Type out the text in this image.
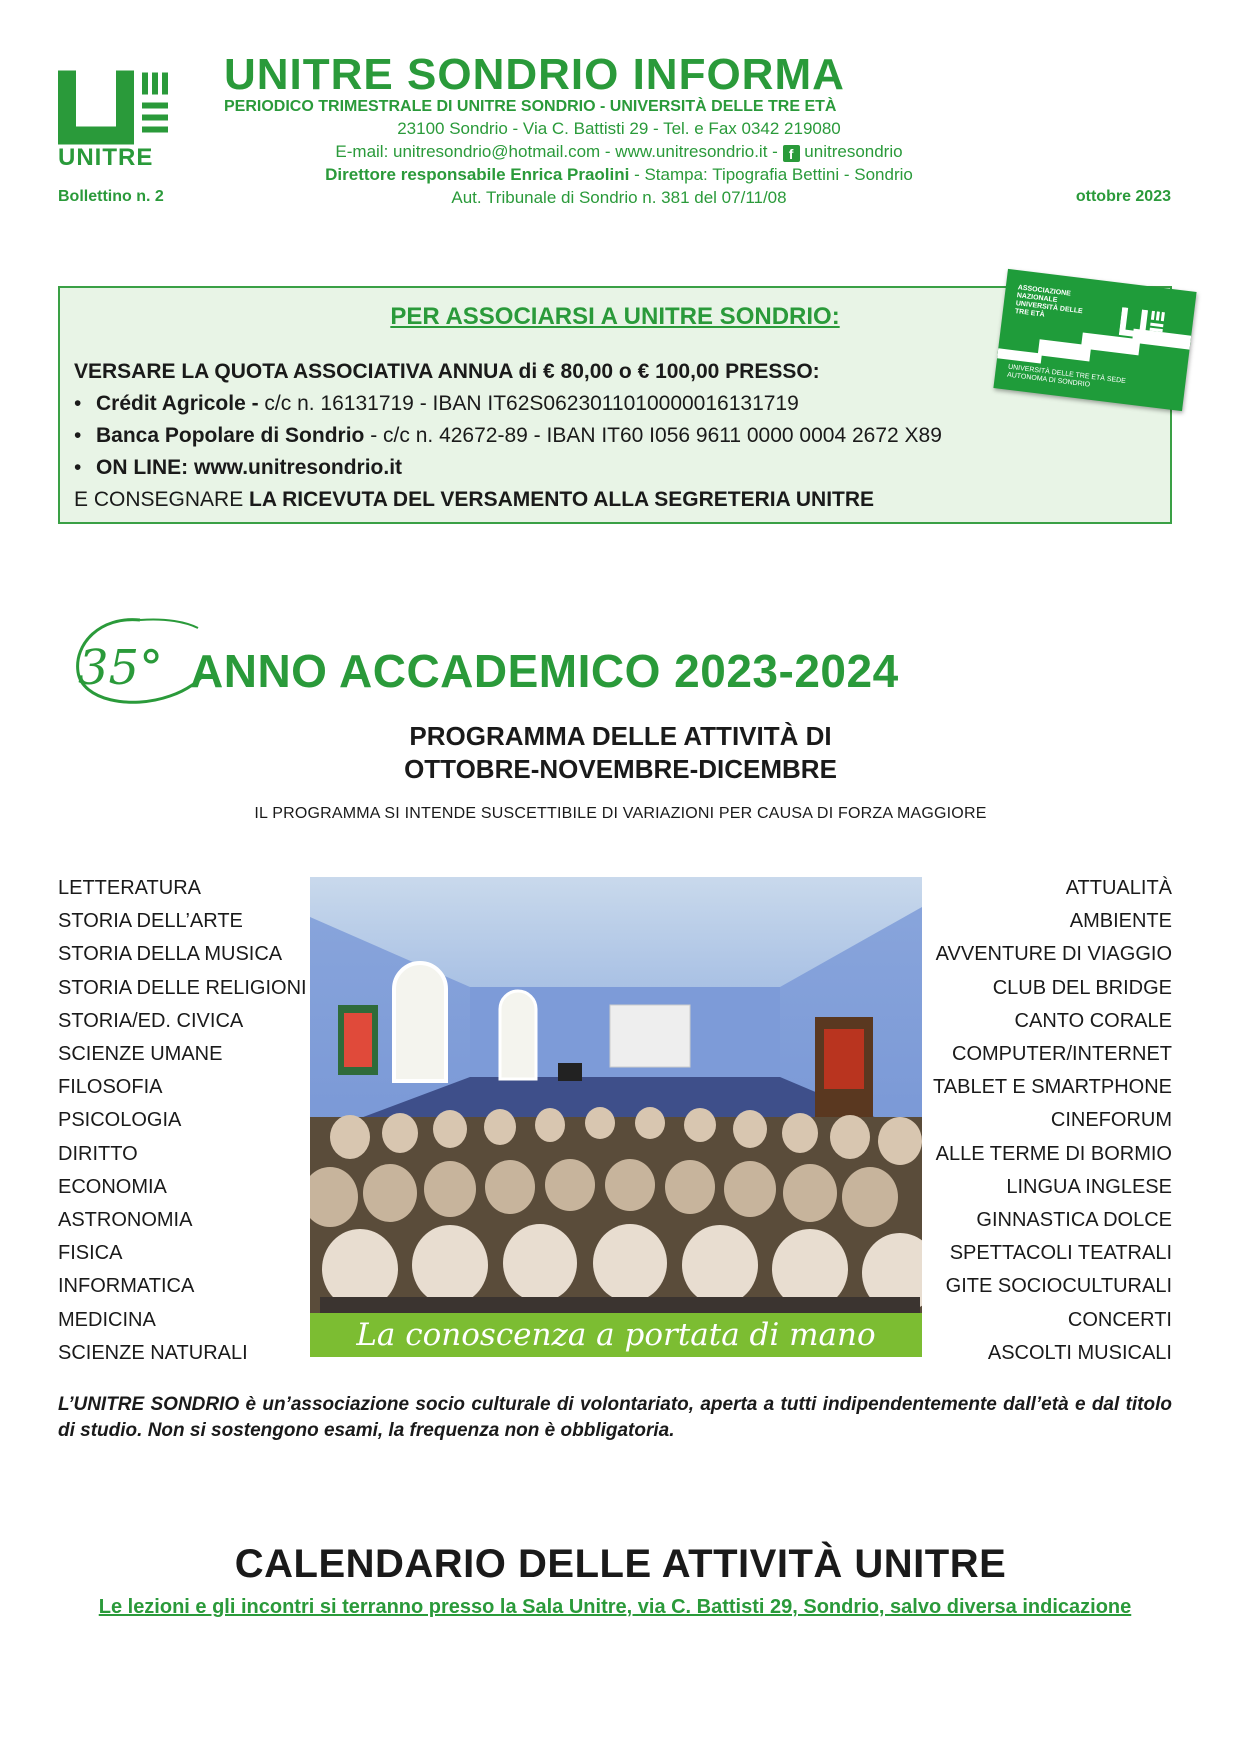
UNITRE
UNITRE SONDRIO INFORMA
PERIODICO TRIMESTRALE DI UNITRE SONDRIO - UNIVERSITÀ DELLE TRE ETÀ
23100 Sondrio - Via C. Battisti 29 - Tel. e Fax 0342 219080
E-mail: unitresondrio@hotmail.com - www.unitresondrio.it - f unitresondrio
Direttore responsabile Enrica Praolini - Stampa: Tipografia Bettini - Sondrio
Aut. Tribunale di Sondrio n. 381 del 07/11/08
Bollettino n. 2	ottobre 2023
PER ASSOCIARSI A UNITRE SONDRIO:
VERSARE LA QUOTA ASSOCIATIVA ANNUA di € 80,00 o € 100,00 PRESSO:
• Crédit Agricole - c/c n. 16131719 - IBAN IT62S0623011010000016131719
• Banca Popolare di Sondrio - c/c n. 42672-89 - IBAN IT60 I056 9611 0000 0004 2672 X89
• ON LINE: www.unitresondrio.it
E CONSEGNARE LA RICEVUTA DEL VERSAMENTO ALLA SEGRETERIA UNITRE
ASSOCIAZIONE NAZIONALE UNIVERSITÀ DELLE TRE ETÀ
UNIVERSITÀ DELLE TRE ETÀ SEDE AUTONOMA DI SONDRIO
35° ANNO ACCADEMICO 2023-2024
PROGRAMMA DELLE ATTIVITÀ DI
OTTOBRE-NOVEMBRE-DICEMBRE
IL PROGRAMMA SI INTENDE SUSCETTIBILE DI VARIAZIONI PER CAUSA DI FORZA MAGGIORE
LETTERATURA
STORIA DELL’ARTE
STORIA DELLA MUSICA
STORIA DELLE RELIGIONI
STORIA/ED. CIVICA
SCIENZE UMANE
FILOSOFIA
PSICOLOGIA
DIRITTO
ECONOMIA
ASTRONOMIA
FISICA
INFORMATICA
MEDICINA
SCIENZE NATURALI
ATTUALITÀ
AMBIENTE
AVVENTURE DI VIAGGIO
CLUB DEL BRIDGE
CANTO CORALE
COMPUTER/INTERNET
TABLET E SMARTPHONE
CINEFORUM
ALLE TERME DI BORMIO
LINGUA INGLESE
GINNASTICA DOLCE
SPETTACOLI TEATRALI
GITE SOCIOCULTURALI
CONCERTI
ASCOLTI MUSICALI
La conoscenza a portata di mano
L’UNITRE SONDRIO è un’associazione socio culturale di volontariato, aperta a tutti indipendentemente dall’età e dal titolo di studio. Non si sostengono esami, la frequenza non è obbligatoria.
CALENDARIO DELLE ATTIVITÀ UNITRE
Le lezioni e gli incontri si terranno presso la Sala Unitre, via C. Battisti 29, Sondrio, salvo diversa indicazione
